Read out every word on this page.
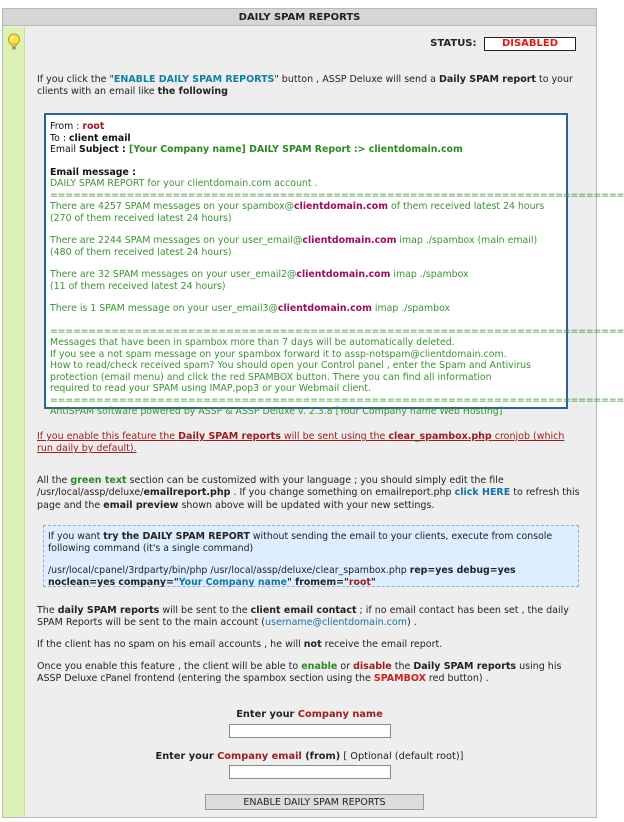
DAILY SPAM REPORTS
STATUS:	DISABLED
If you click the "ENABLE DAILY SPAM REPORTS" button , ASSP Deluxe will send a Daily SPAM report to your clients with an email like the following

From : root

To : client email

Email Subject : [Your Company name] DAILY SPAM Report :> clientdomain.com

Email message :

DAILY SPAM REPORT for your clientdomain.com account .

===========================================================================

There are 4257 SPAM messages on your spambox@clientdomain.com of them received latest 24 hours

(270 of them received latest 24 hours)

There are 2244 SPAM messages on your user_email@clientdomain.com imap ./spambox (main email)

(480 of them received latest 24 hours)

There are 32 SPAM messages on your user_email2@clientdomain.com imap ./spambox

(11 of them received latest 24 hours)

There is 1 SPAM message on your user_email3@clientdomain.com imap ./spambox

===========================================================================

Messages that have been in spambox more than 7 days will be automatically deleted.

If you see a not spam message on your spambox forward it to assp-notspam@clientdomain.com.

How to read/check received spam? You should open your Control panel , enter the Spam and Antivirus

protection (email menu) and click the red SPAMBOX button. There you can find all information

required to read your SPAM using IMAP,pop3 or your Webmail client.

===========================================================================

AntiSPAM software powered by ASSP & ASSP Deluxe v. 2.3.8 [Your Company name Web Hosting]

If you enable this feature the Daily SPAM reports will be sent using the clear_spambox.php cronjob (which run daily by default).
All the green text section can be customized with your language ; you should simply edit the file /usr/local/assp/deluxe/emailreport.php . If you change something on emailreport.php click HERE to refresh this page and the email preview shown above will be updated with your new settings.

If you want try the DAILY SPAM REPORT without sending the email to your clients, execute from console following command (it's a single command)

/usr/local/cpanel/3rdparty/bin/php /usr/local/assp/deluxe/clear_spambox.php rep=yes debug=yes noclean=yes company="Your Company name" fromem="root"

The daily SPAM reports will be sent to the client email contact ; if no email contact has been set , the daily SPAM Reports will be sent to the main account (username@clientdomain.com) .
If the client has no spam on his email accounts , he will not receive the email report.
Once you enable this feature , the client will be able to enable or disable the Daily SPAM reports using his ASSP Deluxe cPanel frontend (entering the spambox section using the SPAMBOX red button) .
Enter your Company name
Enter your Company email (from) [ Optional (default root)]
ENABLE DAILY SPAM REPORTS
